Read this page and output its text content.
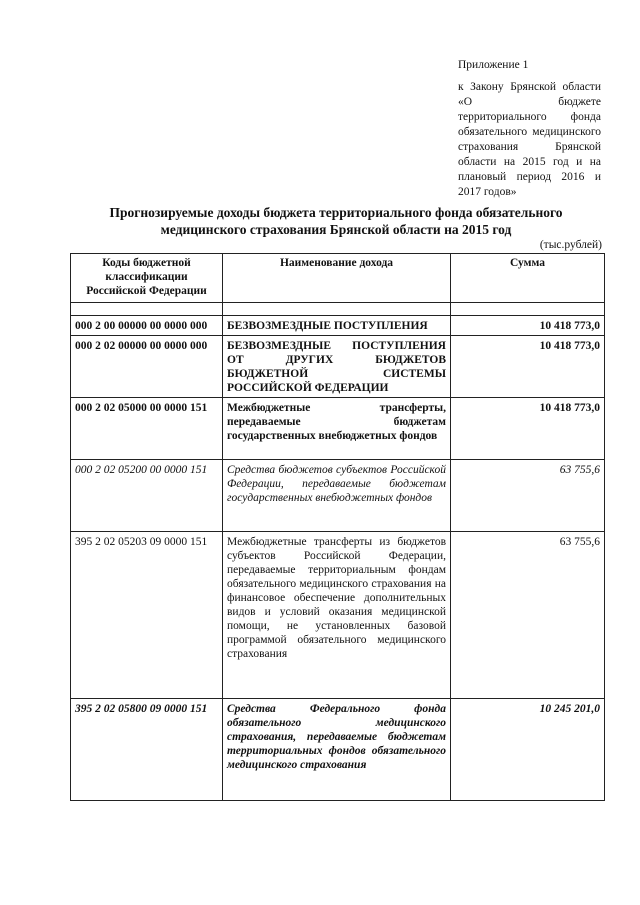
Приложение 1
к Закону Брянской области «О бюджете территориального фонда обязательного медицинского страхования Брянской области на 2015 год и на плановый период 2016 и 2017 годов»
Прогнозируемые доходы бюджета территориального фонда обязательного медицинского страхования Брянской области на 2015 год
(тыс.рублей)
Коды бюджетной классификации Российской Федерации	Наименование дохода	Сумма

000 2 00 00000 00 0000 000	БЕЗВОЗМЕЗДНЫЕ ПОСТУПЛЕНИЯ	10 418 773,0
000 2 02 00000 00 0000 000	БЕЗВОЗМЕЗДНЫЕ ПОСТУПЛЕНИЯ ОТ ДРУГИХ БЮДЖЕТОВ БЮДЖЕТНОЙ СИСТЕМЫ РОССИЙСКОЙ ФЕДЕРАЦИИ	10 418 773,0
000 2 02 05000 00 0000 151	Межбюджетные трансферты, передаваемые бюджетам государственных внебюджетных фондов	10 418 773,0
000 2 02 05200 00 0000 151	Средства бюджетов субъектов Российской Федерации, передаваемые бюджетам государственных внебюджетных фондов	63 755,6
395 2 02 05203 09 0000 151	Межбюджетные трансферты из бюджетов субъектов Российской Федерации, передаваемые территориальным фондам обязательного медицинского страхования на финансовое обеспечение дополнительных видов и условий оказания медицинской помощи, не установленных базовой программой обязательного медицинского страхования	63 755,6
395 2 02 05800 09 0000 151	Средства Федерального фонда обязательного медицинского страхования, передаваемые бюджетам территориальных фондов обязательного медицинского страхования	10 245 201,0
